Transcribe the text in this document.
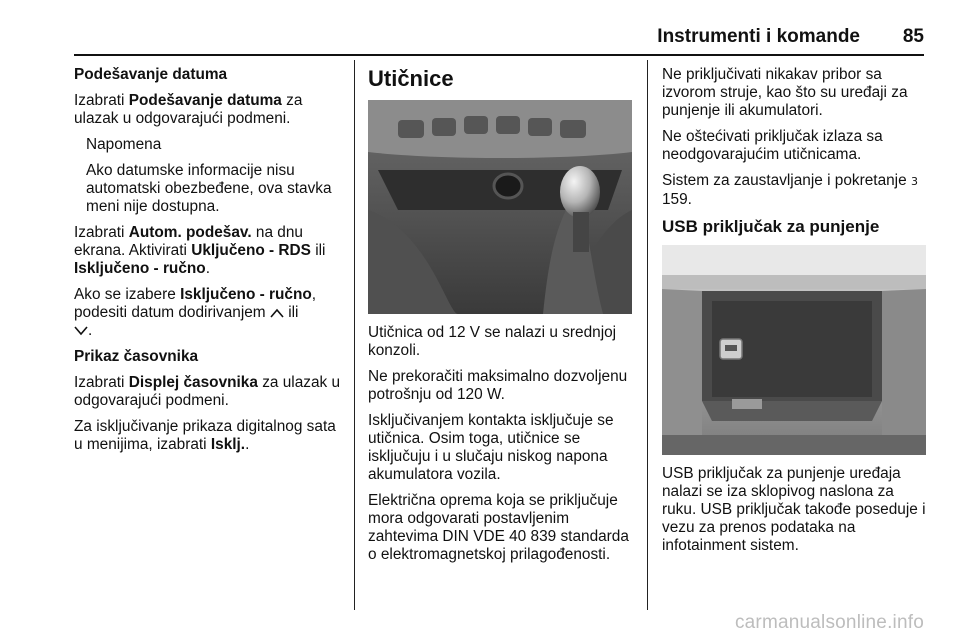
Instrumenti i komande 85

Podešavanje datuma

Izabrati Podešavanje datuma za ulazak u odgovarajući podmeni.

Napomena

Ako datumske informacije nisu automatski obezbeđene, ova stavka meni nije dostupna.

Izabrati Autom. podešav. na dnu ekrana. Aktivirati Uključeno - RDS ili Isključeno - ručno.

Ako se izabere Isključeno - ručno, podesiti datum dodirivanjem  ili
.

Prikaz časovnika

Izabrati Displej časovnika za ulazak u odgovarajući podmeni.

Za isključivanje prikaza digitalnog sata u menijima, izabrati Isklj..

Utičnice

Utičnica od 12 V se nalazi u srednjoj konzoli.

Ne prekoračiti maksimalno dozvoljenu potrošnju od 120 W.

Isključivanjem kontakta isključuje se utičnica. Osim toga, utičnice se isključuju i u slučaju niskog napona akumulatora vozila.

Električna oprema koja se priključuje mora odgovarati postavljenim zahtevima DIN VDE 40 839 standarda o elektromagnetskoj prilagođenosti.

Ne priključivati nikakav pribor sa izvorom struje, kao što su uređaji za punjenje ili akumulatori.

Ne oštećivati priključak izlaza sa neodgovarajućim utičnicama.

Sistem za zaustavljanje i pokretanje 3 159.

USB priključak za punjenje

USB priključak za punjenje uređaja nalazi se iza sklopivog naslona za ruku. USB priključak takođe poseduje i vezu za prenos podataka na infotainment sistem.

carmanualsonline.info
